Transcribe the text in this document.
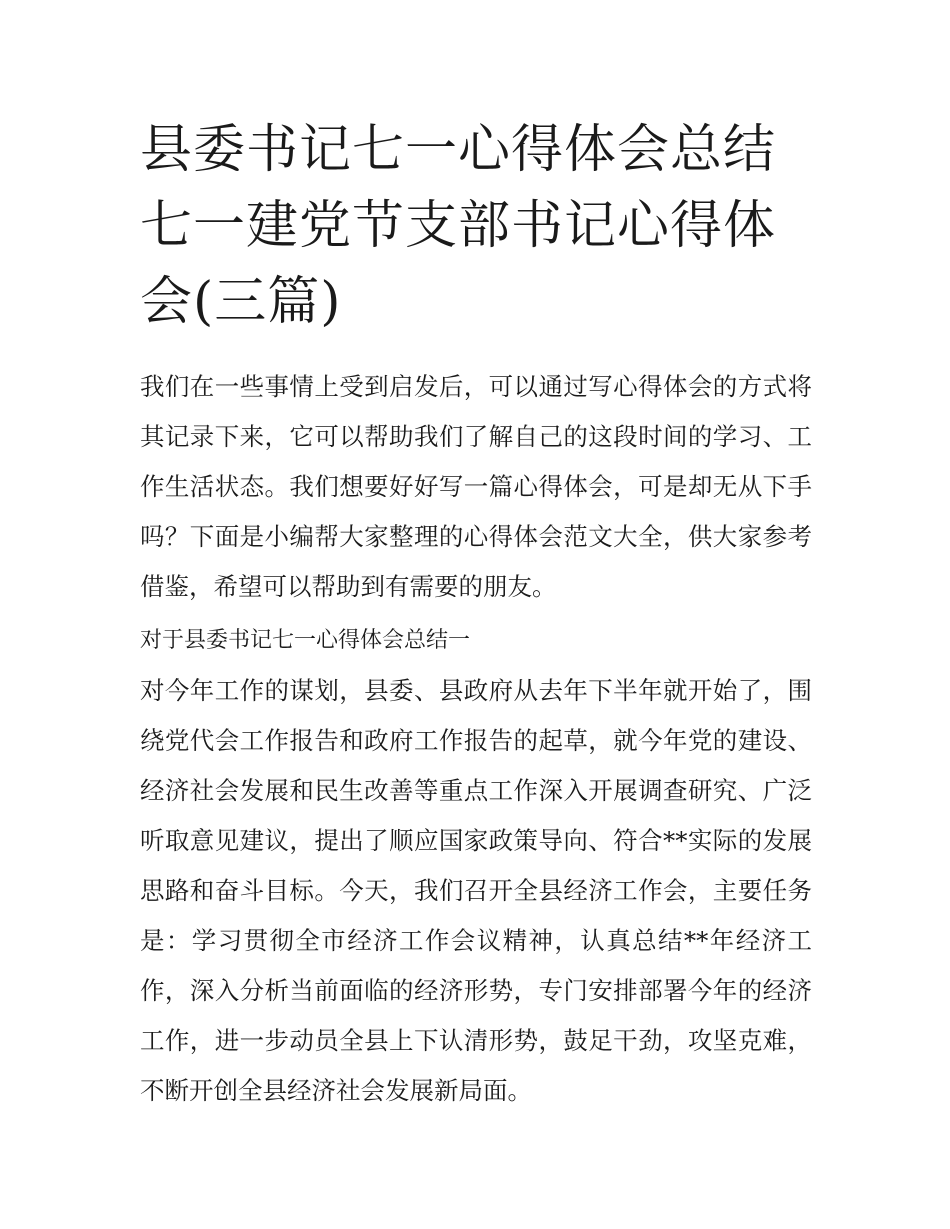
县委书记七一心得体会总结 七一建党节支部书记心得体会(三篇)

我们在一些事情上受到启发后，可以通过写心得体会的方式将其记录下来，它可以帮助我们了解自己的这段时间的学习、工作生活状态。我们想要好好写一篇心得体会，可是却无从下手吗？下面是小编帮大家整理的心得体会范文大全，供大家参考借鉴，希望可以帮助到有需要的朋友。

对于县委书记七一心得体会总结一

对今年工作的谋划，县委、县政府从去年下半年就开始了，围绕党代会工作报告和政府工作报告的起草，就今年党的建设、经济社会发展和民生改善等重点工作深入开展调查研究、广泛听取意见建议，提出了顺应国家政策导向、符合**实际的发展思路和奋斗目标。今天，我们召开全县经济工作会，主要任务是：学习贯彻全市经济工作会议精神，认真总结**年经济工作，深入分析当前面临的经济形势，专门安排部署今年的经济工作，进一步动员全县上下认清形势，鼓足干劲，攻坚克难，不断开创全县经济社会发展新局面。
